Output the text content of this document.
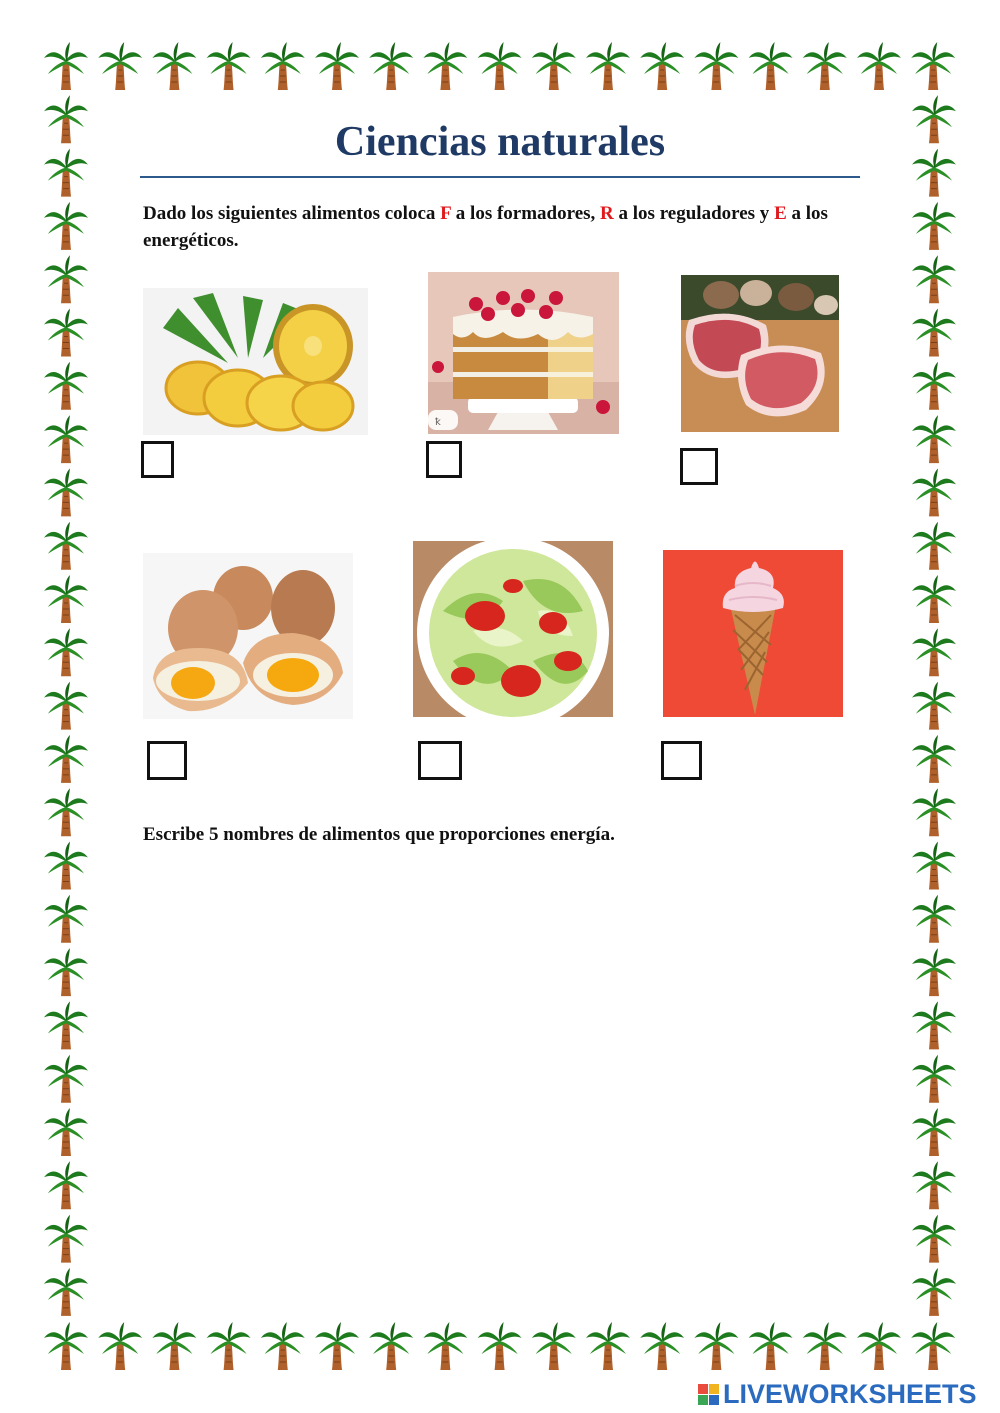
Ciencias naturales

Dado los siguientes alimentos coloca F a los formadores, R a los reguladores y E a los energéticos.

ꝁ

Escribe 5 nombres de alimentos que proporciones energía.

LIVEWORKSHEETS
